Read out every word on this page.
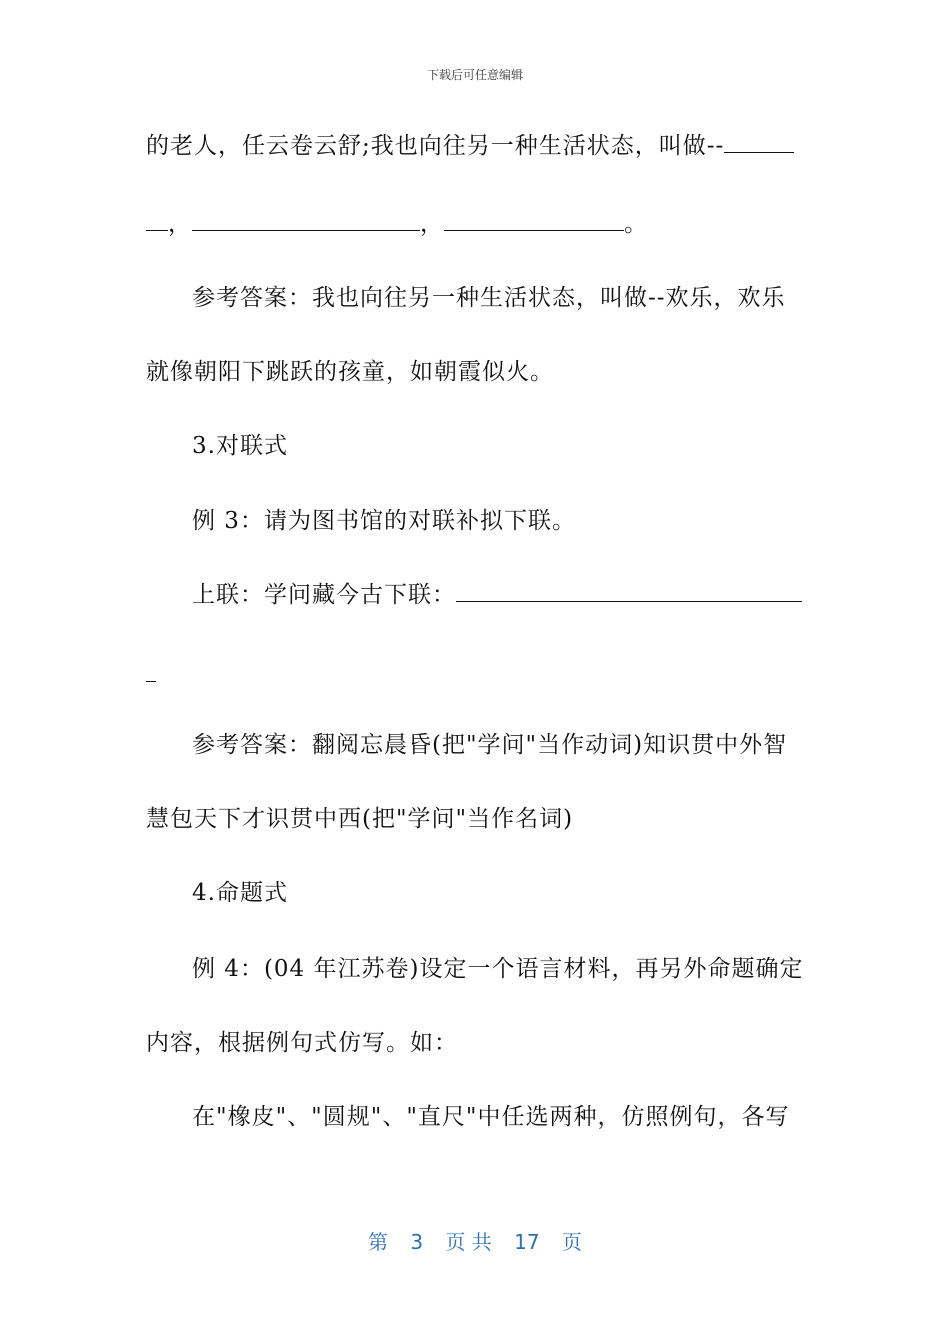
下载后可任意编辑
的老人，任云卷云舒;我也向往另一种生活状态，叫做--
，	，	。
参考答案：我也向往另一种生活状态，叫做--欢乐，欢乐
就像朝阳下跳跃的孩童，如朝霞似火。
3.对联式
例 3：请为图书馆的对联补拟下联。
上联：学问藏今古下联：
参考答案：翻阅忘晨昏(把"学问"当作动词)知识贯中外智
慧包天下才识贯中西(把"学问"当作名词)
4.命题式
例 4：(04 年江苏卷)设定一个语言材料，再另外命题确定
内容，根据例句式仿写。如：
在"橡皮"、"圆规"、"直尺"中任选两种，仿照例句，各写
第 3 页 共 17 页
